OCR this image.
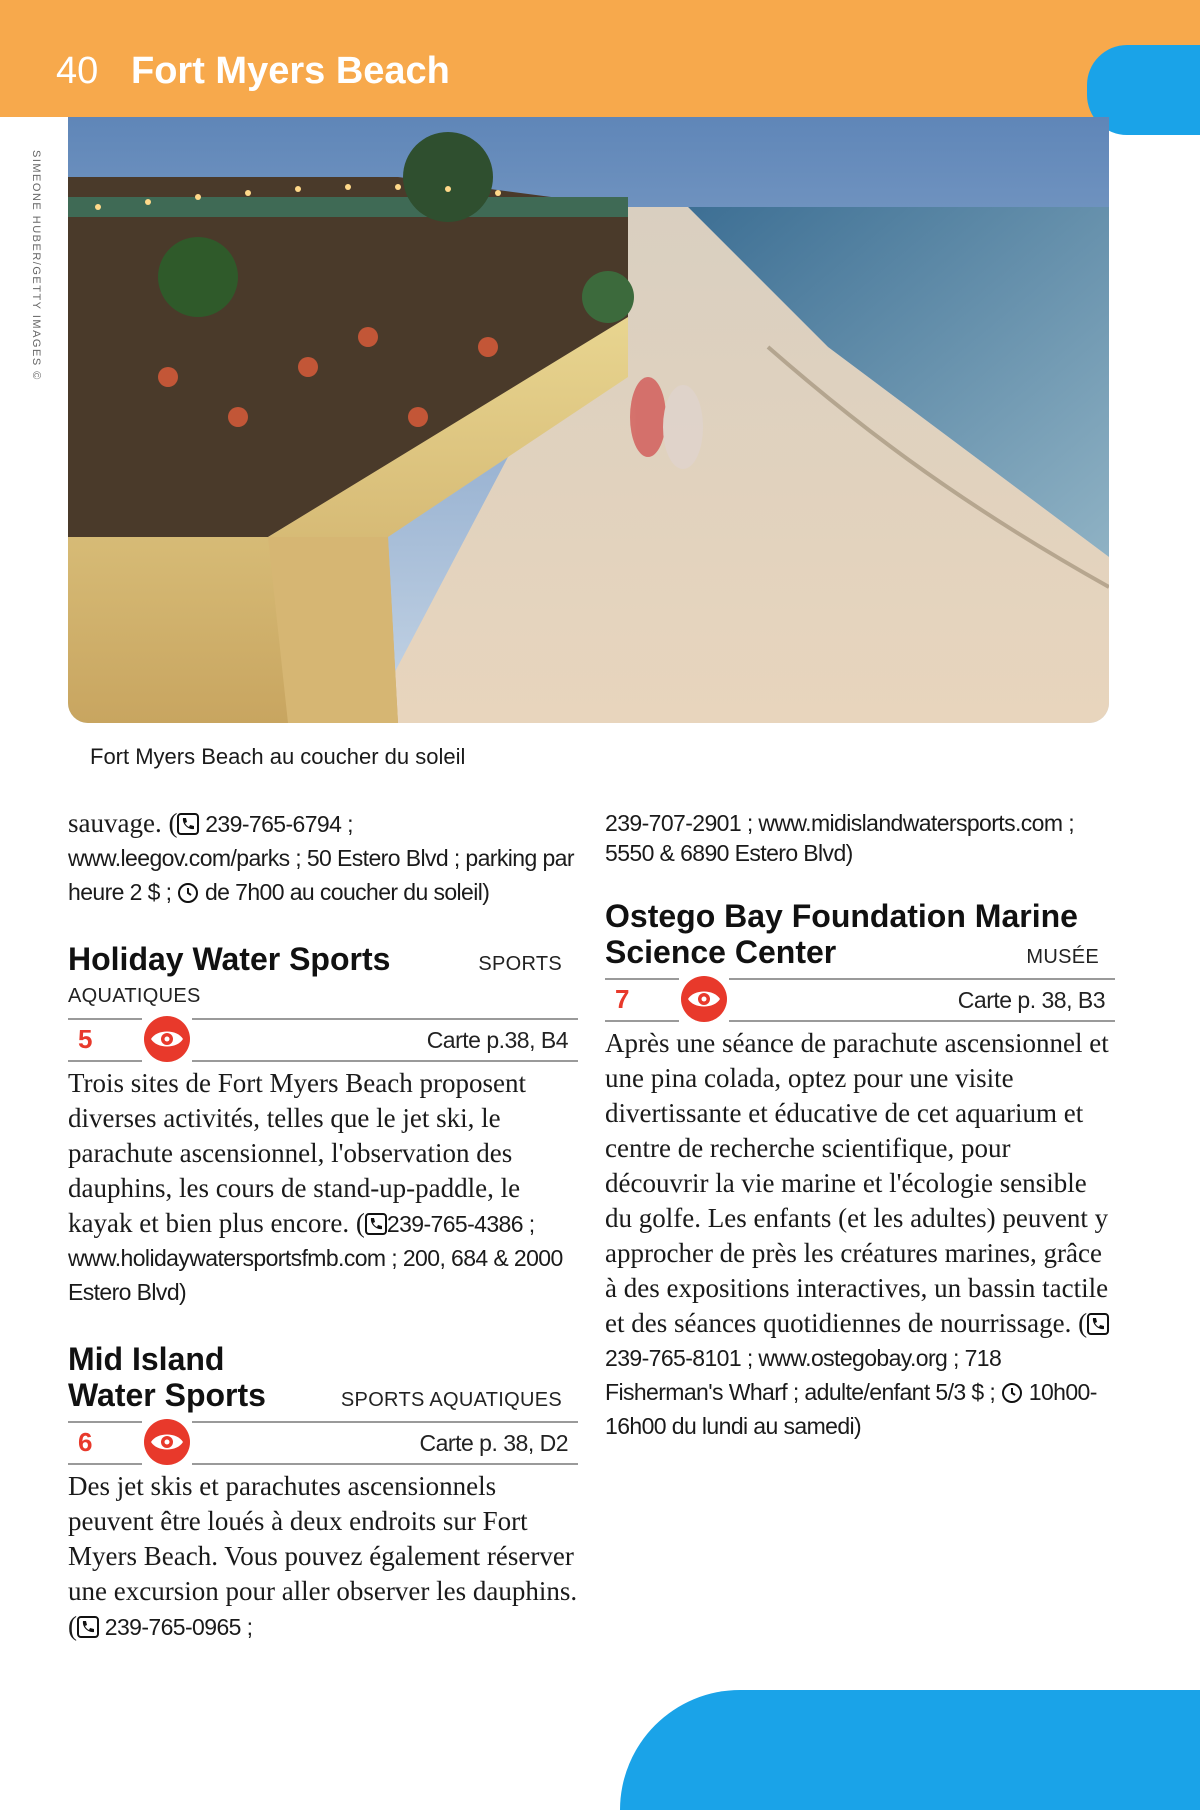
40 Fort Myers Beach
SIMEONE HUBER/GETTY IMAGES ©
Fort Myers Beach au coucher du soleil
sauvage. ( 239-765-6794 ; www.leegov.com/parks ; 50 Estero Blvd ; parking par heure 2 $ ;  de 7h00 au coucher du soleil)
Holiday Water Sports	SPORTS
AQUATIQUES
5	Carte p.38, B4
Trois sites de Fort Myers Beach proposent diverses activités, telles que le jet ski, le parachute ascensionnel, l'observation des dauphins, les cours de stand-up-paddle, le kayak et bien plus encore. ( 239-765-4386 ; www.holidaywatersportsfmb.com ; 200, 684 & 2000 Estero Blvd)
Mid Island
Water Sports	SPORTS AQUATIQUES
6	Carte p. 38, D2
Des jet skis et parachutes ascensionnels peuvent être loués à deux endroits sur Fort Myers Beach. Vous pouvez également réserver une excursion pour aller observer les dauphins. ( 239-765-0965 ;
239-707-2901 ; www.midislandwatersports.com ; 5550 & 6890 Estero Blvd)
Ostego Bay Foundation Marine
Science Center	MUSÉE
7	Carte p. 38, B3
Après une séance de parachute ascensionnel et une pina colada, optez pour une visite divertissante et éducative de cet aquarium et centre de recherche scientifique, pour découvrir la vie marine et l'écologie sensible du golfe. Les enfants (et les adultes) peuvent y approcher de près les créatures marines, grâce à des expositions interactives, un bassin tactile et des séances quotidiennes de nourrissage. ( 239-765-8101 ; www.ostegobay.org ; 718 Fisherman's Wharf ; adulte/enfant 5/3 $ ;  10h00-16h00 du lundi au samedi)
